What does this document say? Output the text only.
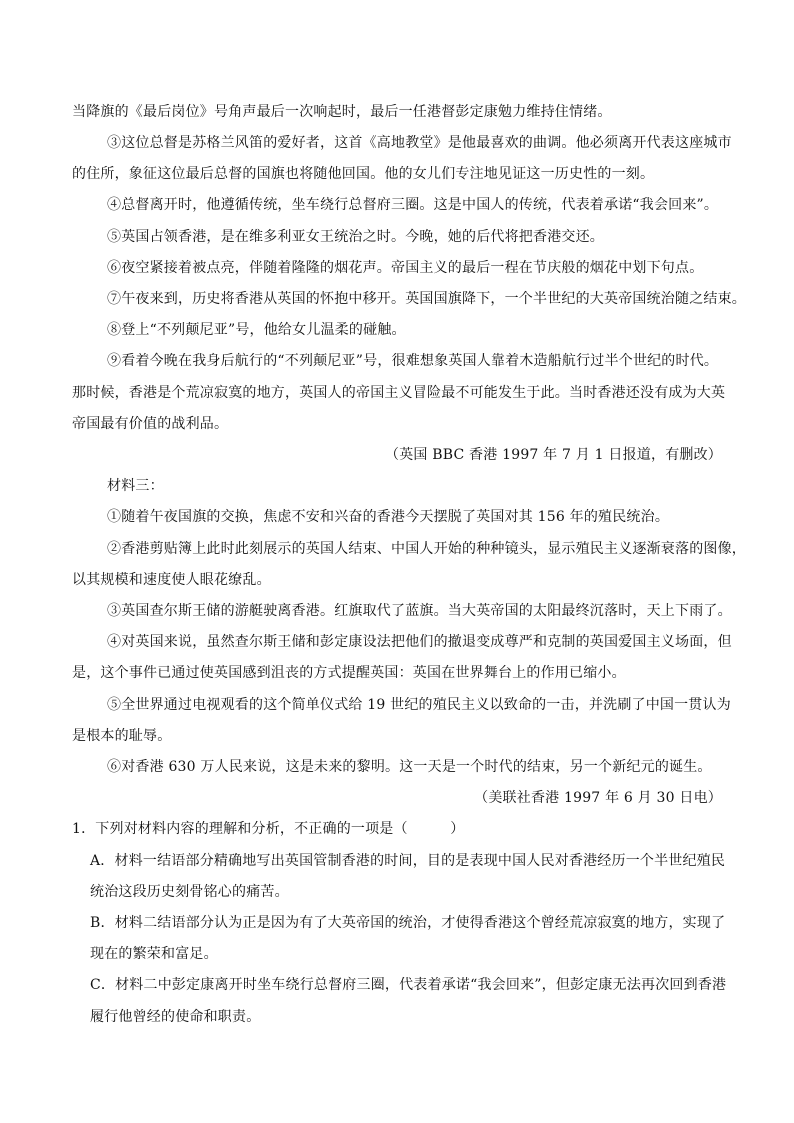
当降旗的《最后岗位》号角声最后一次响起时，最后一任港督彭定康勉力维持住情绪。
③这位总督是苏格兰风笛的爱好者，这首《高地教堂》是他最喜欢的曲调。他必须离开代表这座城市
的住所，象征这位最后总督的国旗也将随他回国。他的女儿们专注地见证这一历史性的一刻。
④总督离开时，他遵循传统，坐车绕行总督府三圈。这是中国人的传统，代表着承诺“我会回来”。
⑤英国占领香港，是在维多利亚女王统治之时。今晚，她的后代将把香港交还。
⑥夜空紧接着被点亮，伴随着隆隆的烟花声。帝国主义的最后一程在节庆般的烟花中划下句点。
⑦午夜来到，历史将香港从英国的怀抱中移开。英国国旗降下，一个半世纪的大英帝国统治随之结束。
⑧登上“不列颠尼亚”号，他给女儿温柔的碰触。
⑨看着今晚在我身后航行的“不列颠尼亚”号，很难想象英国人靠着木造船航行过半个世纪的时代。
那时候，香港是个荒凉寂寞的地方，英国人的帝国主义冒险最不可能发生于此。当时香港还没有成为大英
帝国最有价值的战利品。
（英国 BBC 香港 1997 年 7 月 1 日报道，有删改）
材料三：
①随着午夜国旗的交换，焦虑不安和兴奋的香港今天摆脱了英国对其 156 年的殖民统治。
②香港剪贴簿上此时此刻展示的英国人结束、中国人开始的种种镜头，显示殖民主义逐渐衰落的图像，
以其规模和速度使人眼花缭乱。
③英国查尔斯王储的游艇驶离香港。红旗取代了蓝旗。当大英帝国的太阳最终沉落时，天上下雨了。
④对英国来说，虽然查尔斯王储和彭定康设法把他们的撤退变成尊严和克制的英国爱国主义场面，但
是，这个事件已通过使英国感到沮丧的方式提醒英国：英国在世界舞台上的作用已缩小。
⑤全世界通过电视观看的这个简单仪式给 19 世纪的殖民主义以致命的一击，并洗刷了中国一贯认为
是根本的耻辱。
⑥对香港 630 万人民来说，这是未来的黎明。这一天是一个时代的结束，另一个新纪元的诞生。
（美联社香港 1997 年 6 月 30 日电）
1．下列对材料内容的理解和分析，不正确的一项是（　　　）
A．材料一结语部分精确地写出英国管制香港的时间，目的是表现中国人民对香港经历一个半世纪殖民
统治这段历史刻骨铭心的痛苦。
B．材料二结语部分认为正是因为有了大英帝国的统治，才使得香港这个曾经荒凉寂寞的地方，实现了
现在的繁荣和富足。
C．材料二中彭定康离开时坐车绕行总督府三圈，代表着承诺“我会回来”，但彭定康无法再次回到香港
履行他曾经的使命和职责。
